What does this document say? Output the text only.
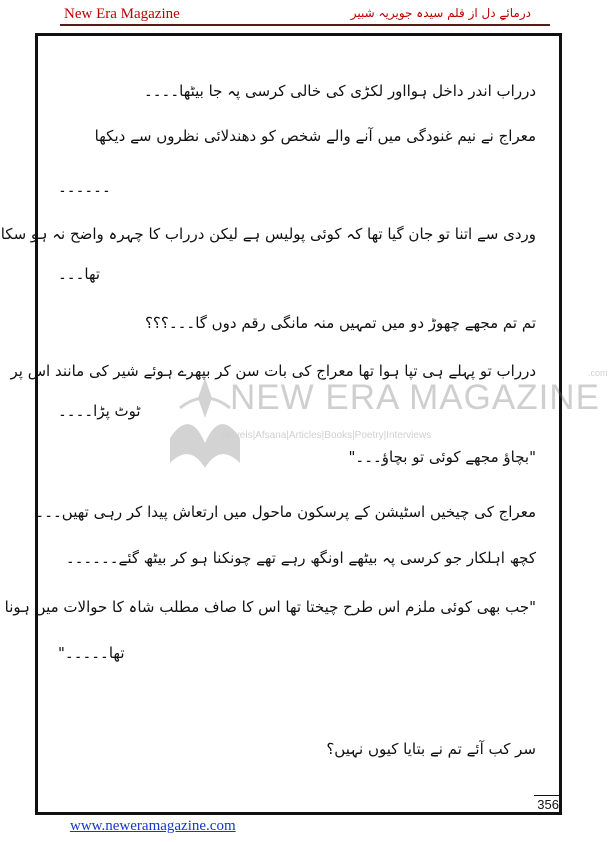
New Era Magazine	درمائےِ دل از قلم سیدہ جویریہ شبیر
NEW ERA MAGAZINE
Novels|Afsana|Articles|Books|Poetry|Interviews
.com
درراب اندر داخل ہوااور لکڑی کی خالی کرسی پہ جا بیٹھا۔۔۔۔
معراج نے نیم غنودگی میں آنے والے شخص کو دھندلائی نظروں سے دیکھا
۔۔۔۔۔۔
وردی سے اتنا تو جان گیا تھا کہ کوئی پولیس ہے لیکن درراب کا چہرہ واضح نہ ہو سکا
تھا۔۔۔
تم تم مجھے چھوڑ دو میں تمہیں منہ مانگی رقم دوں گا۔۔۔؟؟؟
درراب تو پہلے ہی تپا ہوا تھا معراج کی بات سن کر بپھرے ہوئے شیر کی مانند اس پر
ٹوٹ پڑا۔۔۔۔
"بچاؤ مجھے کوئی تو بچاؤ۔۔۔"
معراج کی چیخیں اسٹیشن کے پرسکون ماحول میں ارتعاش پیدا کر رہی تھیں۔۔۔
کچھ اہلکار جو کرسی پہ بیٹھے اونگھ رہے تھے چونکنا ہو کر بیٹھ گئے۔۔۔۔۔۔
"جب بھی کوئی ملزم اس طرح چیختا تھا اس کا صاف مطلب شاہ کا حوالات میں ہونا
تھا۔۔۔۔۔"
سر کب آئے تم نے بتایا کیوں نہیں؟
356
www.neweramagazine.com
